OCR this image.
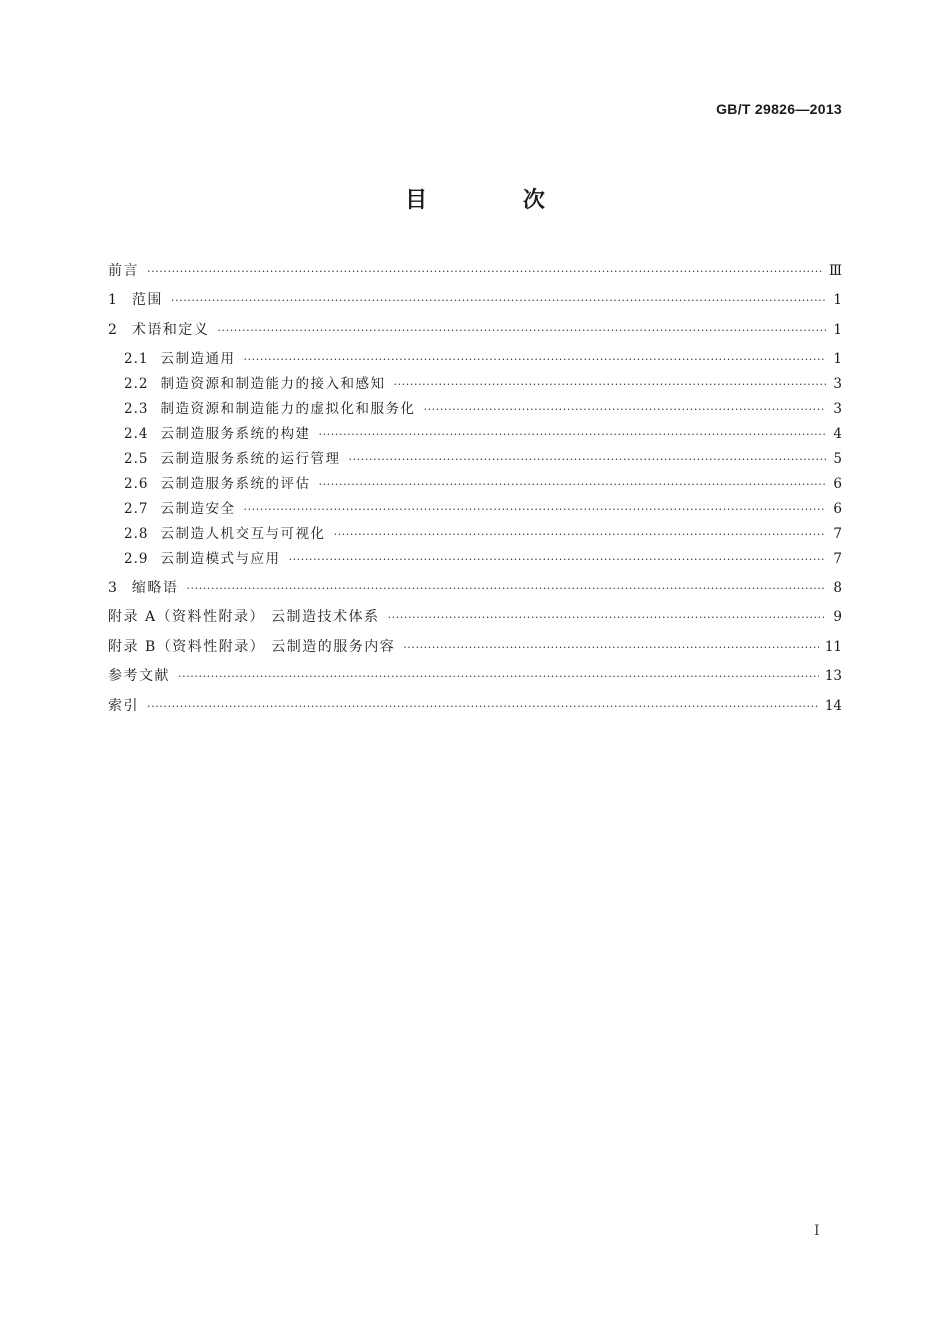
GB/T 29826—2013
目 次
前言 ·····	Ⅲ
1 范围 ·····	1
2 术语和定义 ·····	1
2.1 云制造通用 ·····	1
2.2 制造资源和制造能力的接入和感知 ·····	3
2.3 制造资源和制造能力的虚拟化和服务化 ·····	3
2.4 云制造服务系统的构建 ·····	4
2.5 云制造服务系统的运行管理 ·····	5
2.6 云制造服务系统的评估 ·····	6
2.7 云制造安全 ·····	6
2.8 云制造人机交互与可视化 ·····	7
2.9 云制造模式与应用 ·····	7
3 缩略语 ·····	8
附录 A（资料性附录） 云制造技术体系 ·····	9
附录 B（资料性附录） 云制造的服务内容 ·····	11
参考文献 ·····	13
索引 ·····	14
I
